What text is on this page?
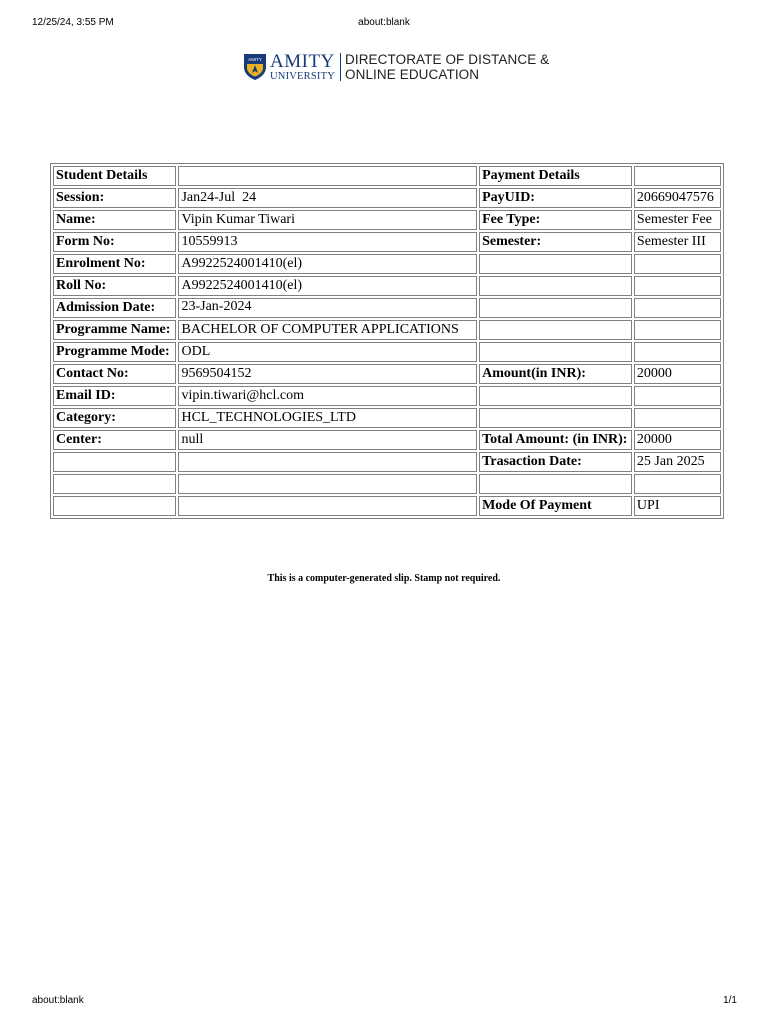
12/25/24, 3:55 PM	about:blank
AMITY AMITY
UNIVERSITY
DIRECTORATE OF DISTANCE &
ONLINE EDUCATION
Student Details		Payment Details	
Session:	Jan24-Jul  24	PayUID:	20669047576
Name:	Vipin Kumar Tiwari	Fee Type:	Semester Fee
Form No:	10559913	Semester:	Semester III
Enrolment No:	A9922524001410(el)		
Roll No:	A9922524001410(el)		
Admission Date:	23-Jan-2024		
Programme Name:	BACHELOR OF COMPUTER APPLICATIONS		
Programme Mode:	ODL		
Contact No:	9569504152	Amount(in INR):	20000
Email ID:	vipin.tiwari@hcl.com		
Category:	HCL_TECHNOLOGIES_LTD		
Center:	null	Total Amount: (in INR):	20000
		Trasaction Date:	25 Jan 2025

		Mode Of Payment	UPI
This is a computer-generated slip. Stamp not required.
about:blank	1/1
